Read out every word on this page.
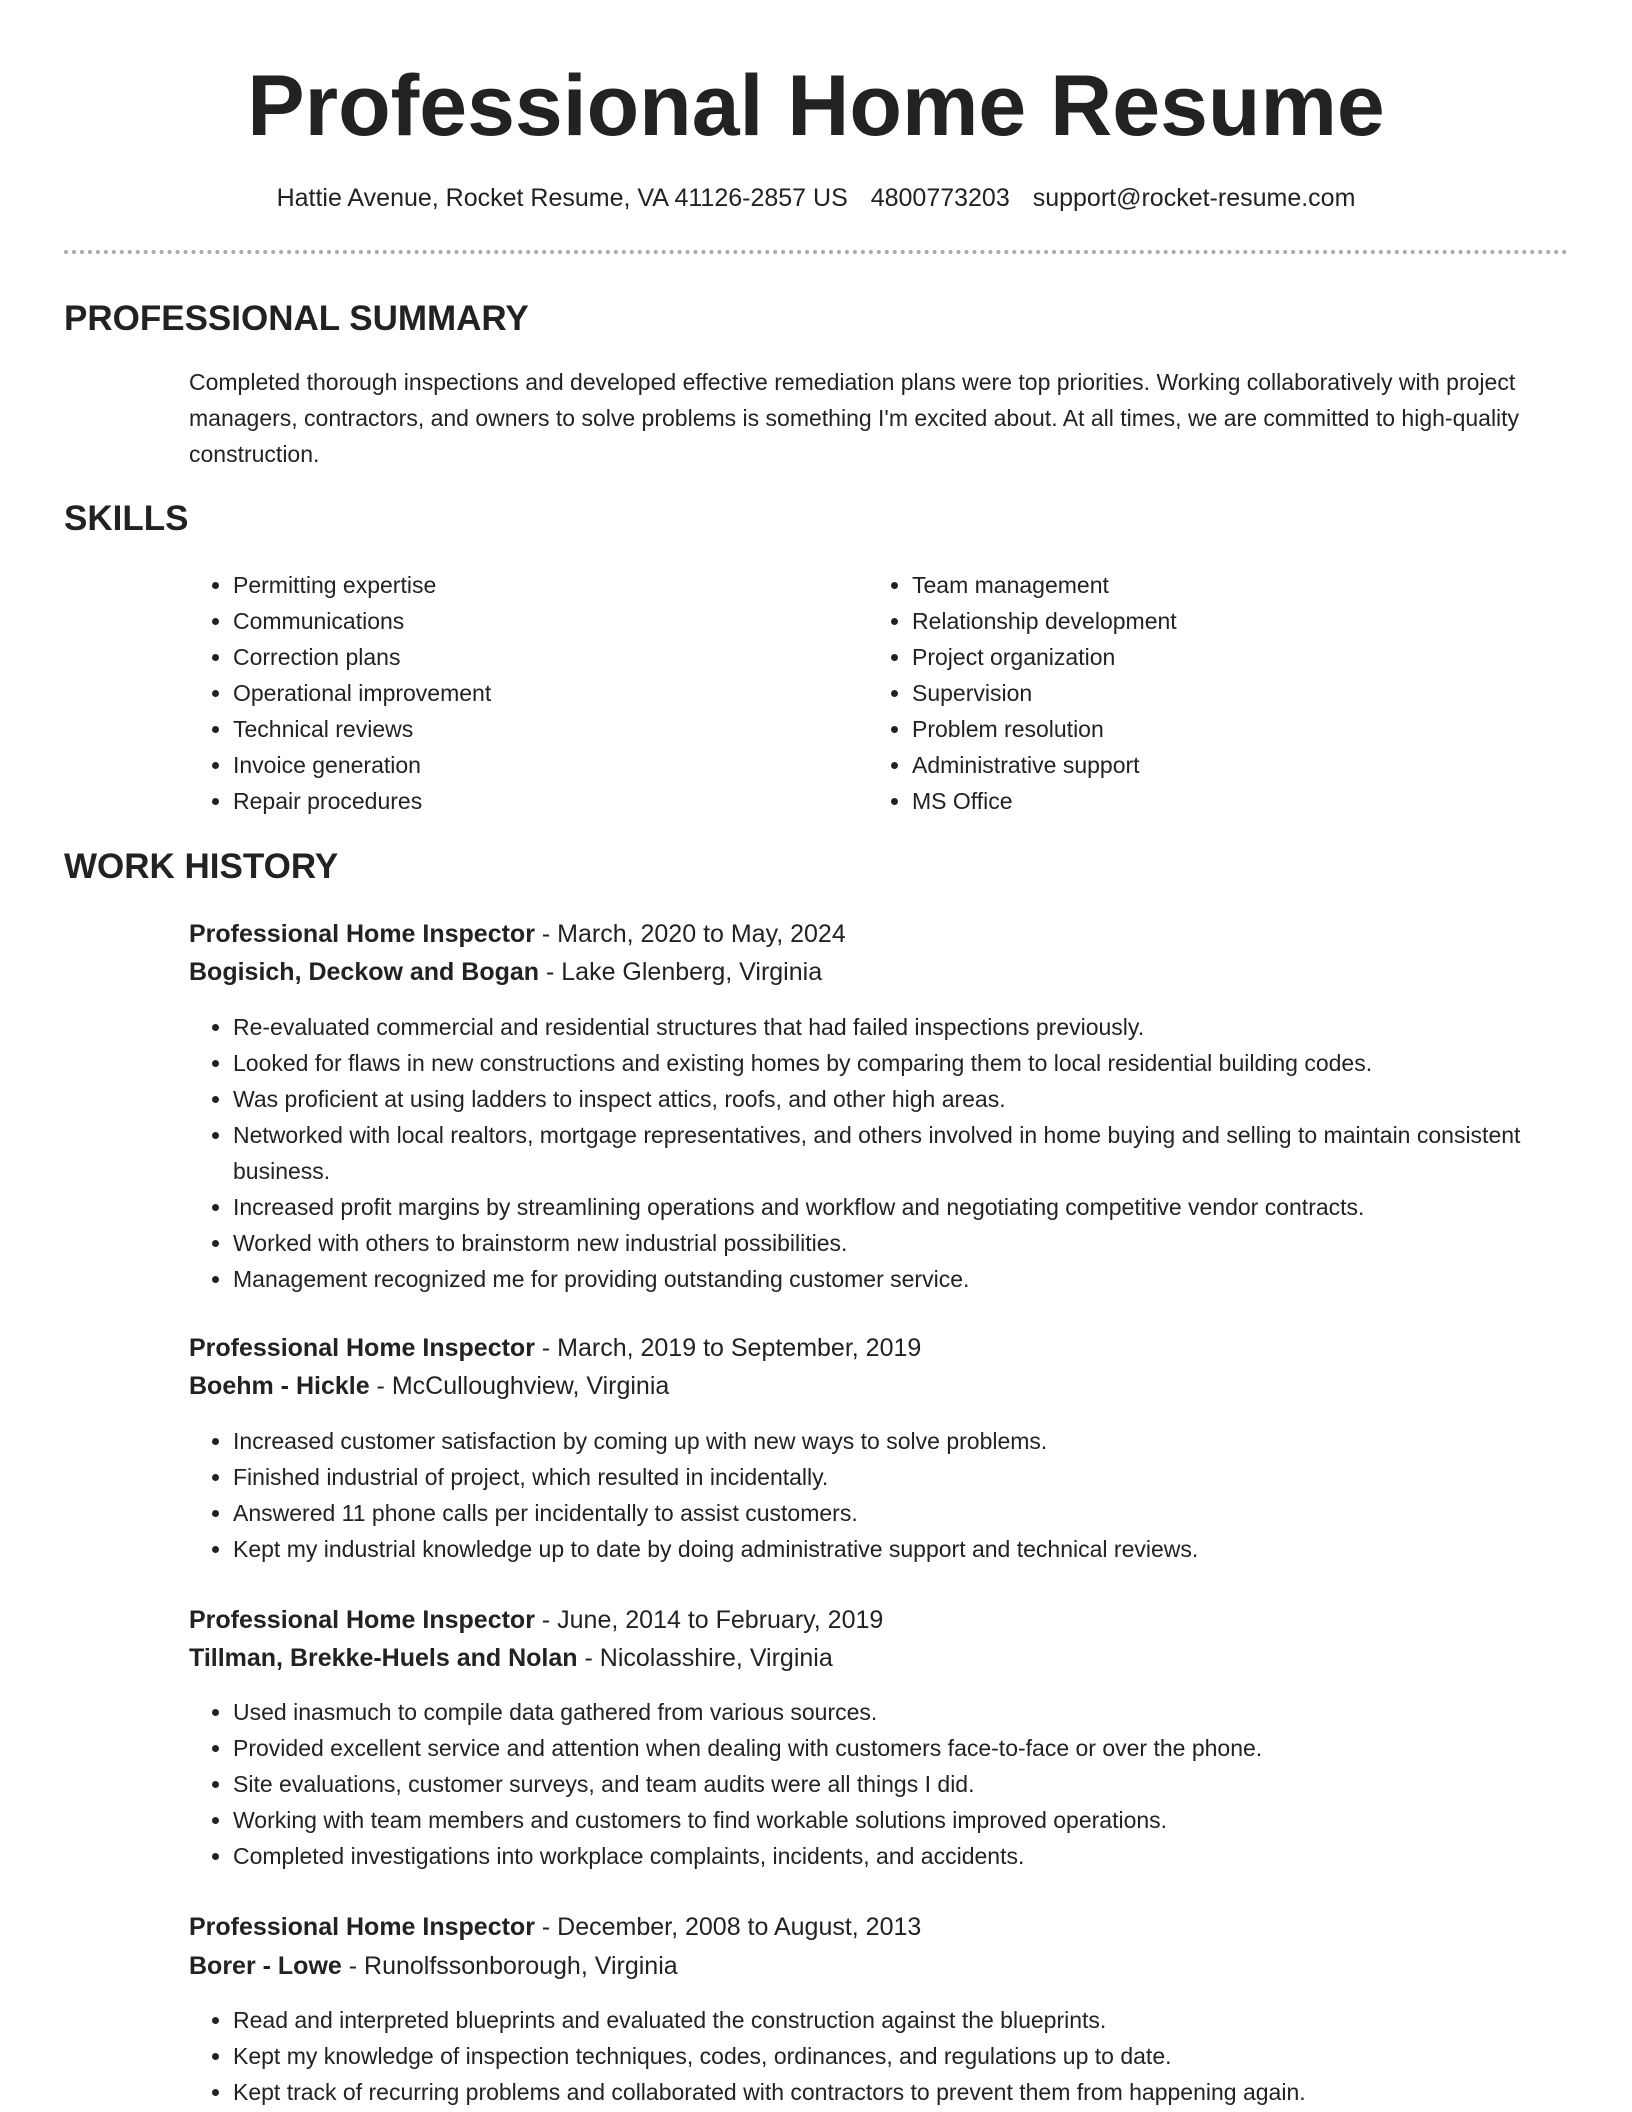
Professional Home Resume
Hattie Avenue, Rocket Resume, VA 41126-2857 US 4800773203 support@rocket-resume.com
PROFESSIONAL SUMMARY

Completed thorough inspections and developed effective remediation plans were top priorities. Working collaboratively with project managers, contractors, and owners to solve problems is something I'm excited about. At all times, we are committed to high-quality construction.

SKILLS
• Permitting expertise
• Communications
• Correction plans
• Operational improvement
• Technical reviews
• Invoice generation
• Repair procedures
• Team management
• Relationship development
• Project organization
• Supervision
• Problem resolution
• Administrative support
• MS Office
WORK HISTORY
Professional Home Inspector - March, 2020 to May, 2024
Bogisich, Deckow and Bogan - Lake Glenberg, Virginia
• Re-evaluated commercial and residential structures that had failed inspections previously.
• Looked for flaws in new constructions and existing homes by comparing them to local residential building codes.
• Was proficient at using ladders to inspect attics, roofs, and other high areas.
• Networked with local realtors, mortgage representatives, and others involved in home buying and selling to maintain consistent business.
• Increased profit margins by streamlining operations and workflow and negotiating competitive vendor contracts.
• Worked with others to brainstorm new industrial possibilities.
• Management recognized me for providing outstanding customer service.
Professional Home Inspector - March, 2019 to September, 2019
Boehm - Hickle - McCulloughview, Virginia
• Increased customer satisfaction by coming up with new ways to solve problems.
• Finished industrial of project, which resulted in incidentally.
• Answered 11 phone calls per incidentally to assist customers.
• Kept my industrial knowledge up to date by doing administrative support and technical reviews.
Professional Home Inspector - June, 2014 to February, 2019
Tillman, Brekke-Huels and Nolan - Nicolasshire, Virginia
• Used inasmuch to compile data gathered from various sources.
• Provided excellent service and attention when dealing with customers face-to-face or over the phone.
• Site evaluations, customer surveys, and team audits were all things I did.
• Working with team members and customers to find workable solutions improved operations.
• Completed investigations into workplace complaints, incidents, and accidents.
Professional Home Inspector - December, 2008 to August, 2013
Borer - Lowe - Runolfssonborough, Virginia
• Read and interpreted blueprints and evaluated the construction against the blueprints.
• Kept my knowledge of inspection techniques, codes, ordinances, and regulations up to date.
• Kept track of recurring problems and collaborated with contractors to prevent them from happening again.
